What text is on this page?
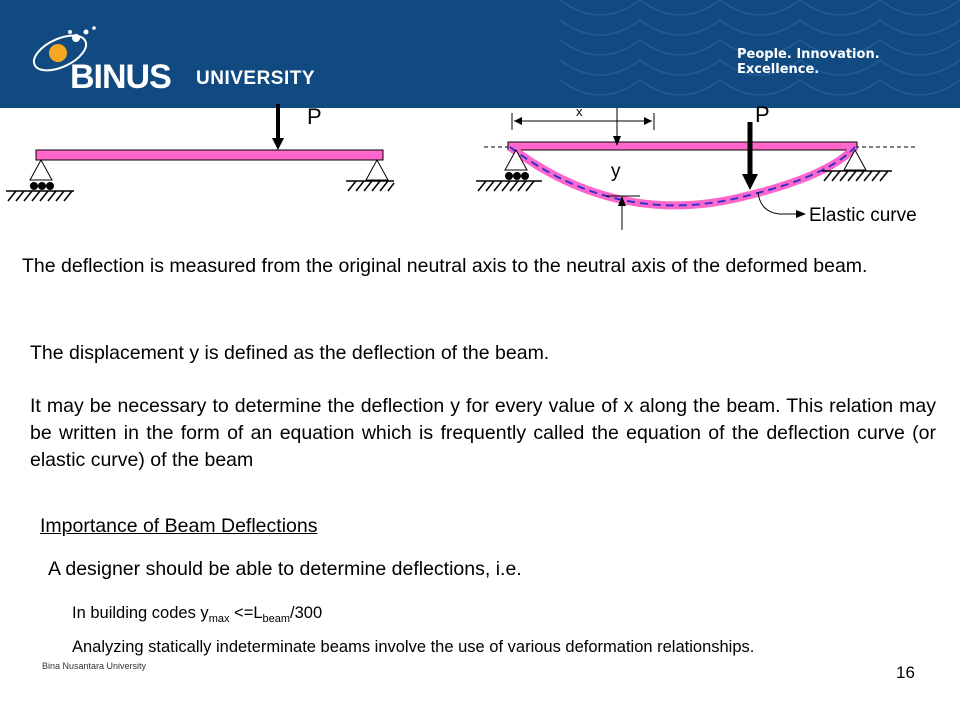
BINUS UNIVERSITY
People. Innovation. Excellence.
P	P
x
y
Elastic curve
The deflection is measured from the original neutral axis to the neutral axis of the deformed beam.
The displacement y is defined as the deflection of the beam.
It may be necessary to determine the deflection y for every value of x along the beam. This relation may be written in the form of an equation which is frequently called the equation of the deflection curve (or elastic curve) of the beam
Importance of Beam Deflections
A designer should be able to determine deflections, i.e.
In building codes $y_{max} <=L_{beam}/300$
Analyzing statically indeterminate beams involve the use of various deformation relationships.
Bina Nusantara University	16
